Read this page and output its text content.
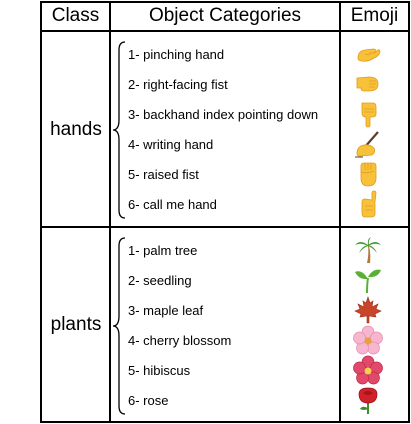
Class	Object Categories	Emoji
hands
plants
1- pinching hand
2- right-facing fist
3- backhand index pointing down
4- writing hand
5- raised fist
6- call me hand
1- palm tree
2- seedling
3- maple leaf
4- cherry blossom
5- hibiscus
6- rose
